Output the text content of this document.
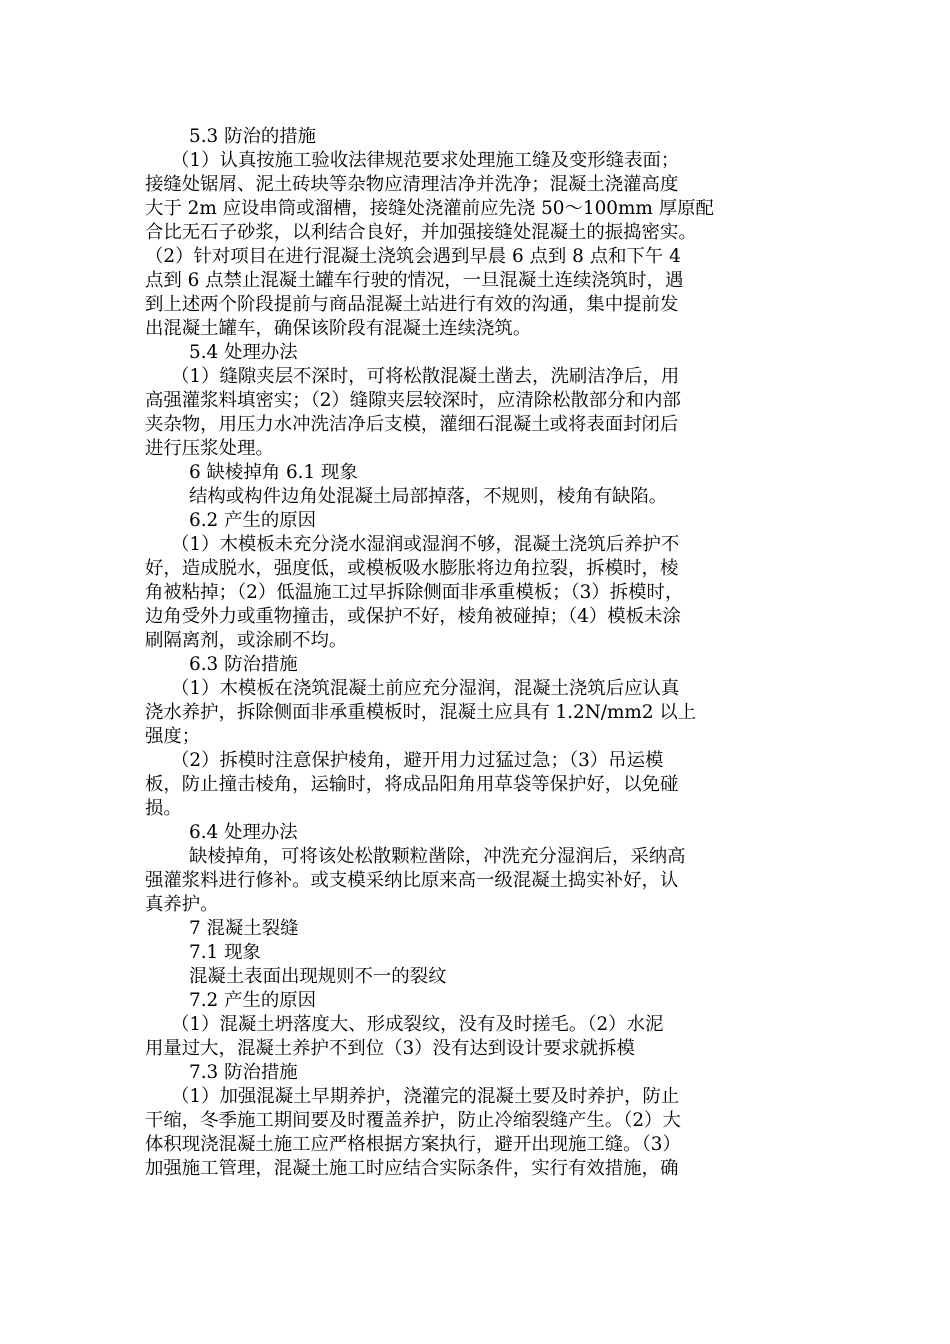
5.3 防治的措施
（1）认真按施工验收法律规范要求处理施工缝及变形缝表面；
接缝处锯屑、泥土砖块等杂物应清理洁净并洗净；混凝土浇灌高度
大于 2m 应设串筒或溜槽，接缝处浇灌前应先浇 50～100mm 厚原配
合比无石子砂浆，以利结合良好，并加强接缝处混凝土的振捣密实。
（2）针对项目在进行混凝土浇筑会遇到早晨 6 点到 8 点和下午 4
点到 6 点禁止混凝土罐车行驶的情况，一旦混凝土连续浇筑时，遇
到上述两个阶段提前与商品混凝土站进行有效的沟通，集中提前发
出混凝土罐车，确保该阶段有混凝土连续浇筑。
5.4 处理办法
（1）缝隙夹层不深时，可将松散混凝土凿去，洗刷洁净后，用
高强灌浆料填密实；（2）缝隙夹层较深时，应清除松散部分和内部
夹杂物，用压力水冲洗洁净后支模，灌细石混凝土或将表面封闭后
进行压浆处理。
6 缺棱掉角 6.1 现象
结构或构件边角处混凝土局部掉落，不规则，棱角有缺陷。
6.2 产生的原因
（1）木模板未充分浇水湿润或湿润不够，混凝土浇筑后养护不
好，造成脱水，强度低，或模板吸水膨胀将边角拉裂，拆模时，棱
角被粘掉；（2）低温施工过早拆除侧面非承重模板；（3）拆模时，
边角受外力或重物撞击，或保护不好，棱角被碰掉；（4）模板未涂
刷隔离剂，或涂刷不均。
6.3 防治措施
（1）木模板在浇筑混凝土前应充分湿润，混凝土浇筑后应认真
浇水养护，拆除侧面非承重模板时，混凝土应具有 1.2N/mm2 以上
强度；
（2）拆模时注意保护棱角，避开用力过猛过急；（3）吊运模
板，防止撞击棱角，运输时，将成品阳角用草袋等保护好，以免碰
损。
6.4 处理办法
缺棱掉角，可将该处松散颗粒凿除，冲洗充分湿润后，采纳高
强灌浆料进行修补。或支模采纳比原来高一级混凝土捣实补好，认
真养护。
7 混凝土裂缝
7.1 现象
混凝土表面出现规则不一的裂纹
7.2 产生的原因
（1）混凝土坍落度大、形成裂纹，没有及时搓毛。（2）水泥
用量过大，混凝土养护不到位（3）没有达到设计要求就拆模
7.3 防治措施
（1）加强混凝土早期养护，浇灌完的混凝土要及时养护，防止
干缩，冬季施工期间要及时覆盖养护，防止冷缩裂缝产生。（2）大
体积现浇混凝土施工应严格根据方案执行，避开出现施工缝。（3）
加强施工管理，混凝土施工时应结合实际条件，实行有效措施，确
